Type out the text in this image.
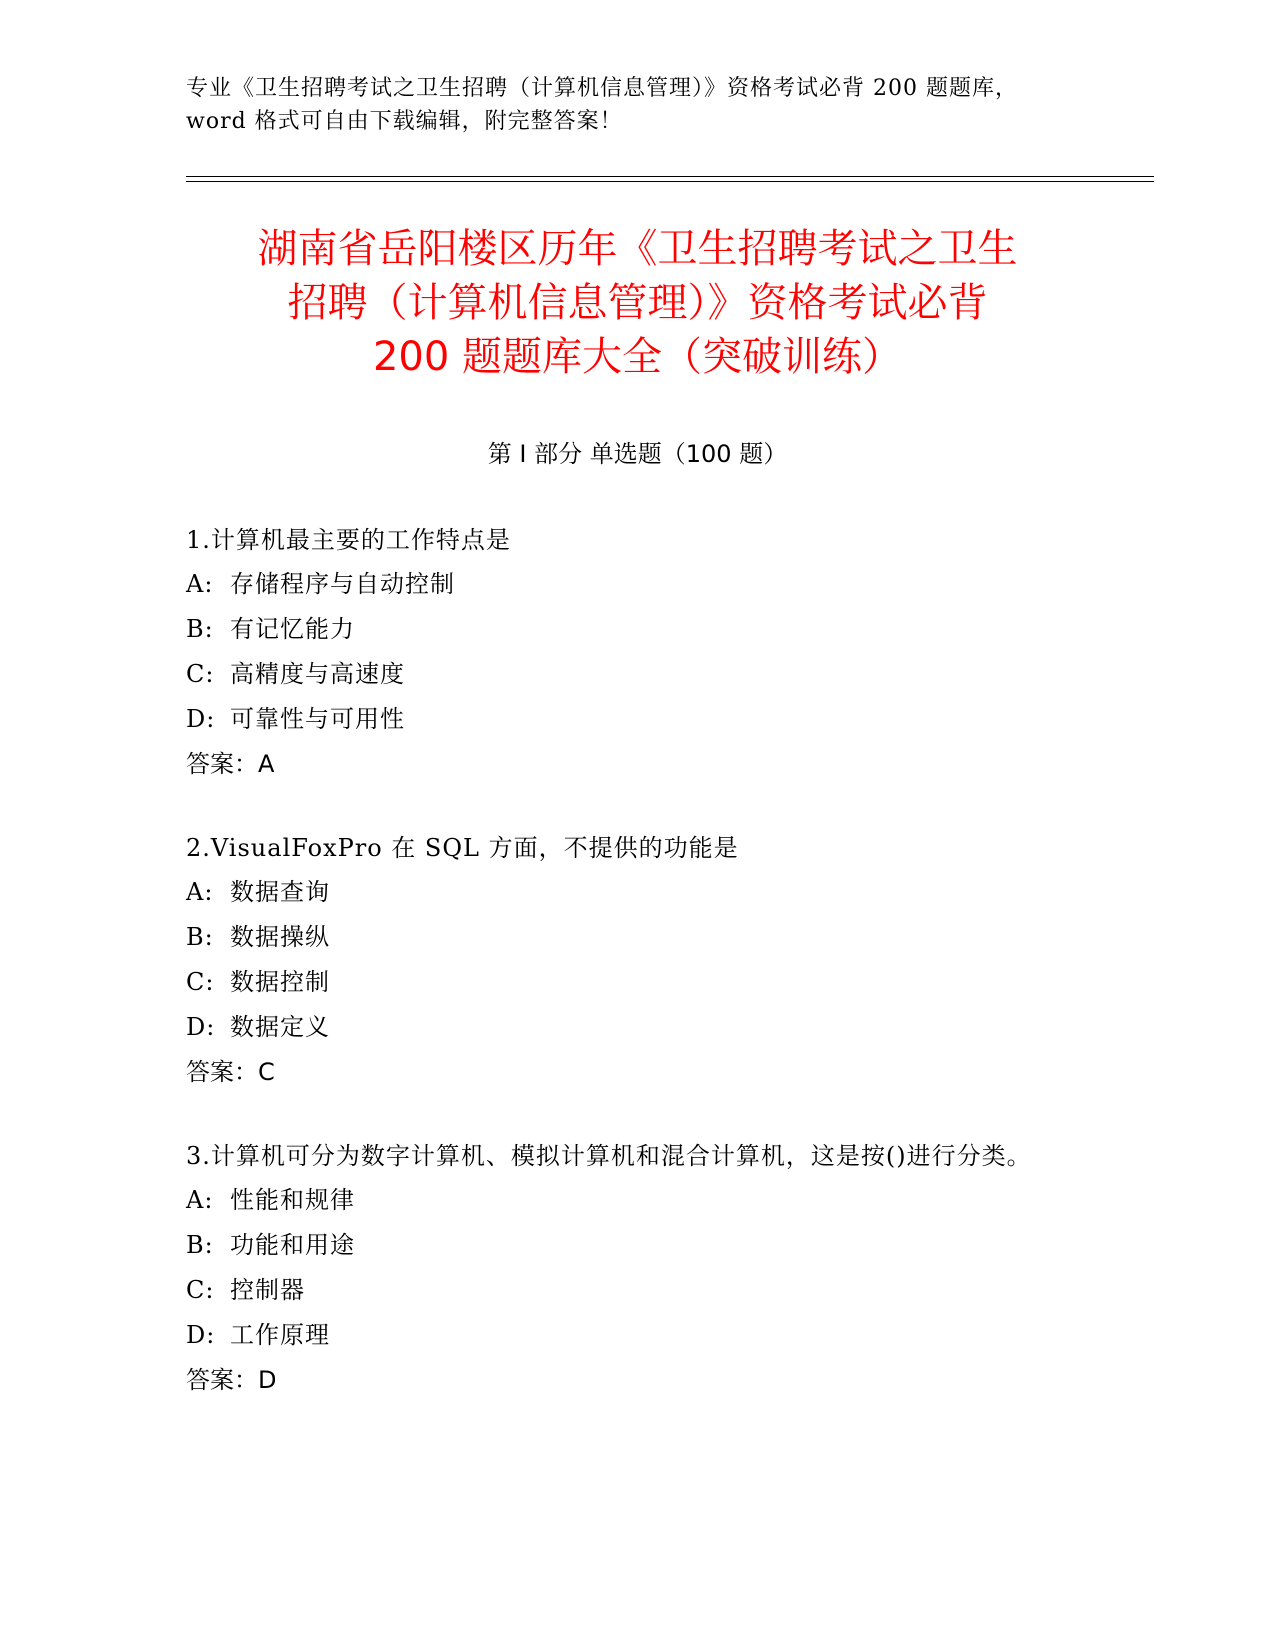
专业《卫生招聘考试之卫生招聘（计算机信息管理）》资格考试必背 200 题题库，
word 格式可自由下载编辑，附完整答案！
湖南省岳阳楼区历年《卫生招聘考试之卫生
招聘（计算机信息管理）》资格考试必背
200 题题库大全（突破训练）
第 I 部分 单选题（100 题）
1.计算机最主要的工作特点是
A: 存储程序与自动控制
B: 有记忆能力
C: 高精度与高速度
D: 可靠性与可用性
答案：A
2.VisualFoxPro 在 SQL 方面，不提供的功能是
A: 数据查询
B: 数据操纵
C: 数据控制
D: 数据定义
答案：C
3.计算机可分为数字计算机、模拟计算机和混合计算机，这是按()进行分类。
A: 性能和规律
B: 功能和用途
C: 控制器
D: 工作原理
答案：D
